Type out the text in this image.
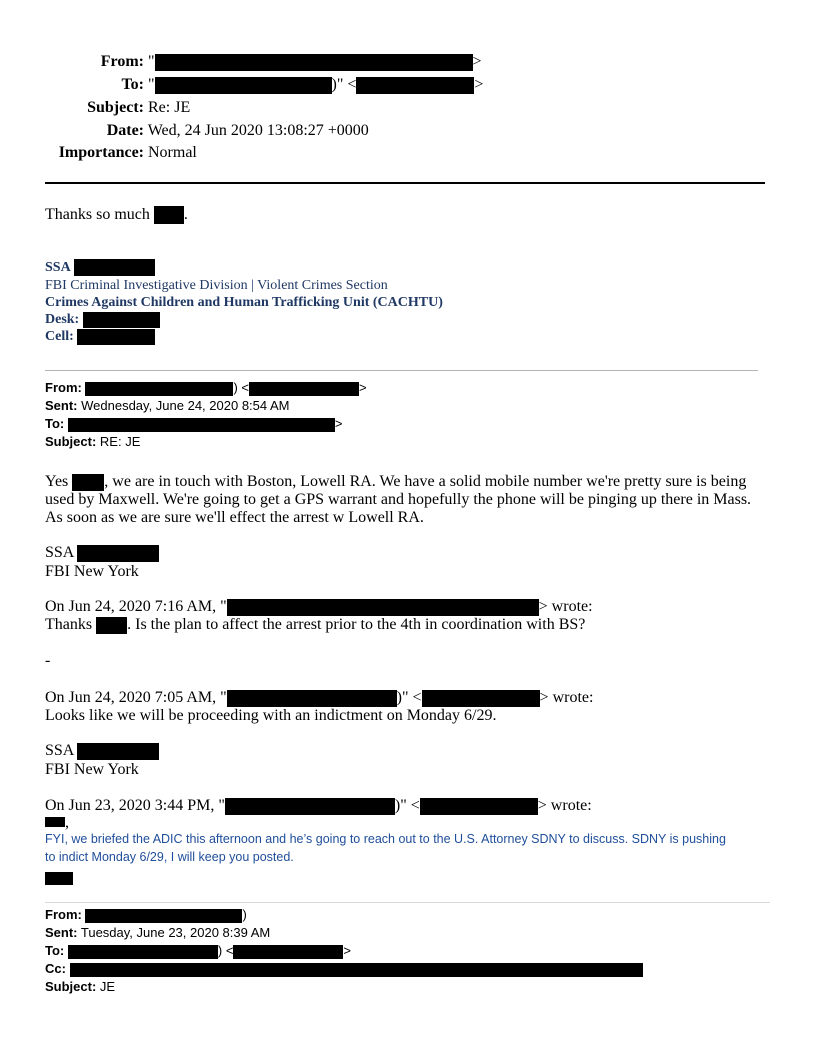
From: "	>
To: "	)" <	>
Subject: Re: JE
Date: Wed, 24 Jun 2020 13:08:27 +0000
Importance: Normal
Thanks so much .
SSA
FBI Criminal Investigative Division | Violent Crimes Section
Crimes Against Children and Human Trafficking Unit (CACHTU)
Desk:
Cell:
From:	) <	>
Sent: Wednesday, June 24, 2020 8:54 AM
To:	>
Subject: RE: JE
Yes , we are in touch with Boston, Lowell RA. We have a solid mobile number we're pretty sure is being
used by Maxwell. We're going to get a GPS warrant and hopefully the phone will be pinging up there in Mass.
As soon as we are sure we'll effect the arrest w Lowell RA.
SSA
FBI New York
On Jun 24, 2020 7:16 AM, "	> wrote:
Thanks . Is the plan to affect the arrest prior to the 4th in coordination with BS?
-
On Jun 24, 2020 7:05 AM, "	)" <	> wrote:
Looks like we will be proceeding with an indictment on Monday 6/29.
SSA
FBI New York
On Jun 23, 2020 3:44 PM, "	)" <	> wrote:
,
FYI, we briefed the ADIC this afternoon and he’s going to reach out to the U.S. Attorney SDNY to discuss. SDNY is pushing
to indict Monday 6/29, I will keep you posted.
From:	)
Sent: Tuesday, June 23, 2020 8:39 AM
To:	) <	>
Cc:
Subject: JE
